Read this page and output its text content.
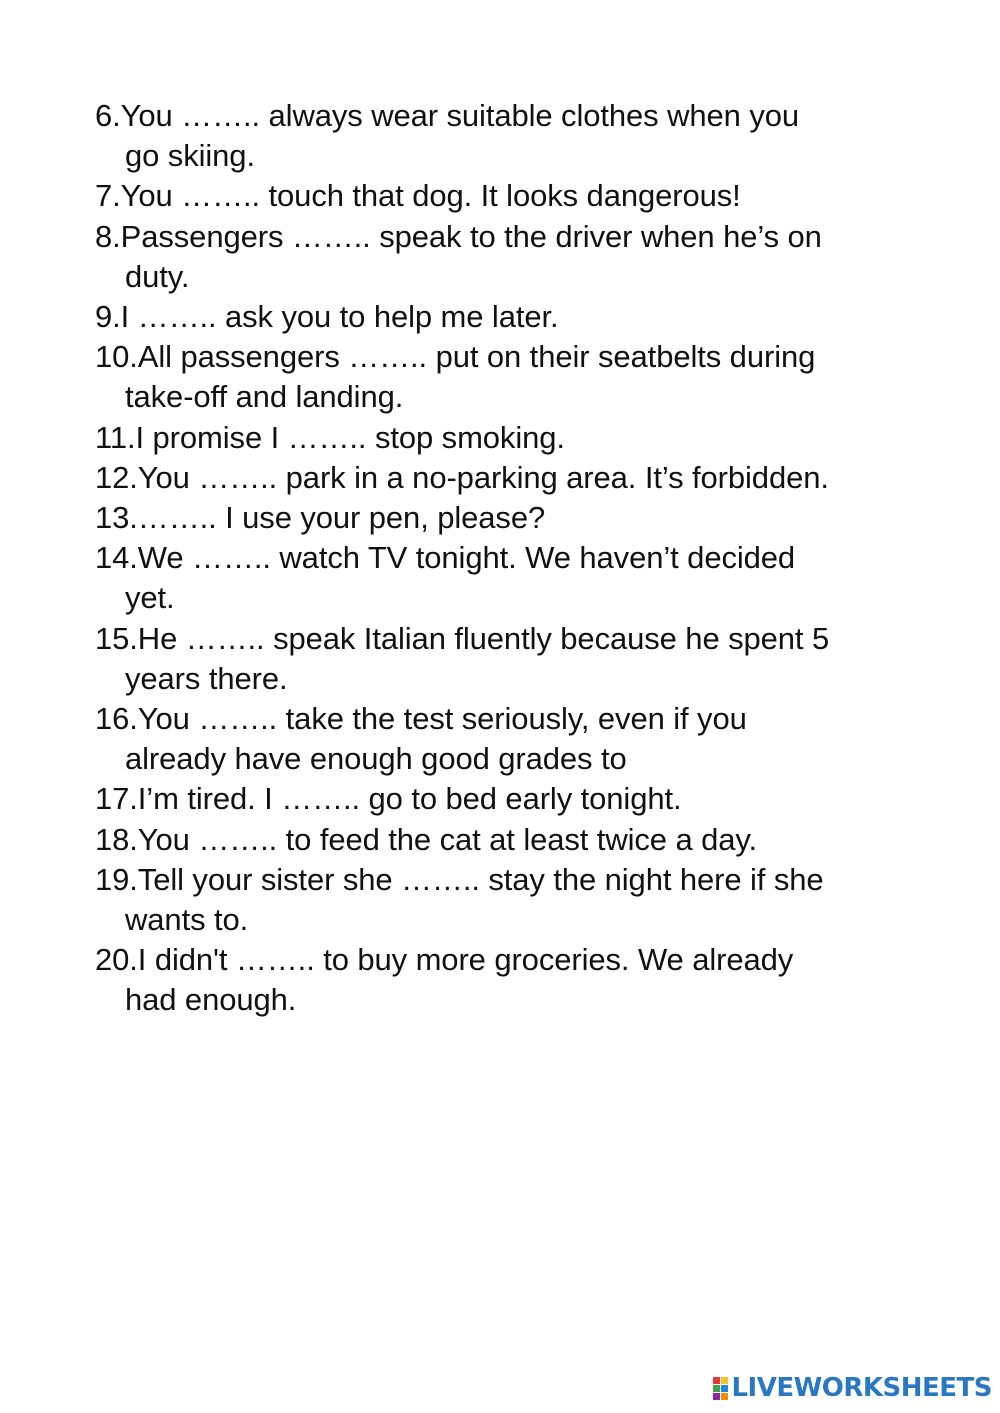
6. You …….. always wear suitable clothes when you
go skiing.
7. You …….. touch that dog. It looks dangerous!
8. Passengers …….. speak to the driver when he’s on
duty.
9. I …….. ask you to help me later.
10. All passengers …….. put on their seatbelts during
take-off and landing.
11. I promise I …….. stop smoking.
12. You …….. park in a no-parking area. It’s forbidden.
13. …….. I use your pen, please?
14. We …….. watch TV tonight. We haven’t decided
yet.
15. He …….. speak Italian fluently because he spent 5
years there.
16. You …….. take the test seriously, even if you
already have enough good grades to
17. I’m tired. I …….. go to bed early tonight.
18. You …….. to feed the cat at least twice a day.
19. Tell your sister she …….. stay the night here if she
wants to.
20. I didn't …….. to buy more groceries. We already
had enough.
LIVEWORKSHEETS
